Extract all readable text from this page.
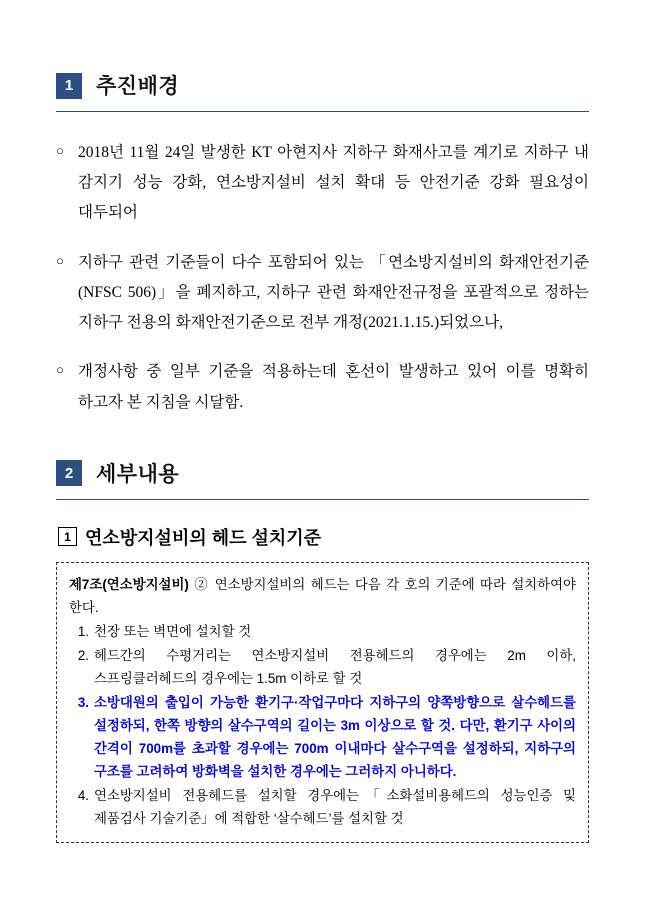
1	추진배경
○ 2018년 11월 24일 발생한 KT 아현지사 지하구 화재사고를 계기로 지하구 내 감지기 성능 강화, 연소방지설비 설치 확대 등 안전기준 강화 필요성이 대두되어
○ 지하구 관련 기준들이 다수 포함되어 있는 「연소방지설비의 화재안전기준(NFSC 506)」을 폐지하고, 지하구 관련 화재안전규정을 포괄적으로 정하는 지하구 전용의 화재안전기준으로 전부 개정(2021.1.15.)되었으나,
○ 개정사항 중 일부 기준을 적용하는데 혼선이 발생하고 있어 이를 명확히 하고자 본 지침을 시달함.
2	세부내용
1 연소방지설비의 헤드 설치기준

제7조(연소방지설비) ② 연소방지설비의 헤드는 다음 각 호의 기준에 따라 설치하여야 한다.

1. 천장 또는 벽면에 설치할 것
2. 헤드간의 수평거리는 연소방지설비 전용헤드의 경우에는 2m 이하, 스프링클러헤드의 경우에는 1.5m 이하로 할 것
3. 소방대원의 출입이 가능한 환기구·작업구마다 지하구의 양쪽방향으로 살수헤드를 설정하되, 한쪽 방향의 살수구역의 길이는 3m 이상으로 할 것. 다만, 환기구 사이의 간격이 700m를 초과할 경우에는 700m 이내마다 살수구역을 설정하되, 지하구의 구조를 고려하여 방화벽을 설치한 경우에는 그러하지 아니하다.
4. 연소방지설비 전용헤드를 설치할 경우에는「소화설비용헤드의 성능인증 및 제품검사 기술기준」에 적합한 ‘살수헤드’를 설치할 것
